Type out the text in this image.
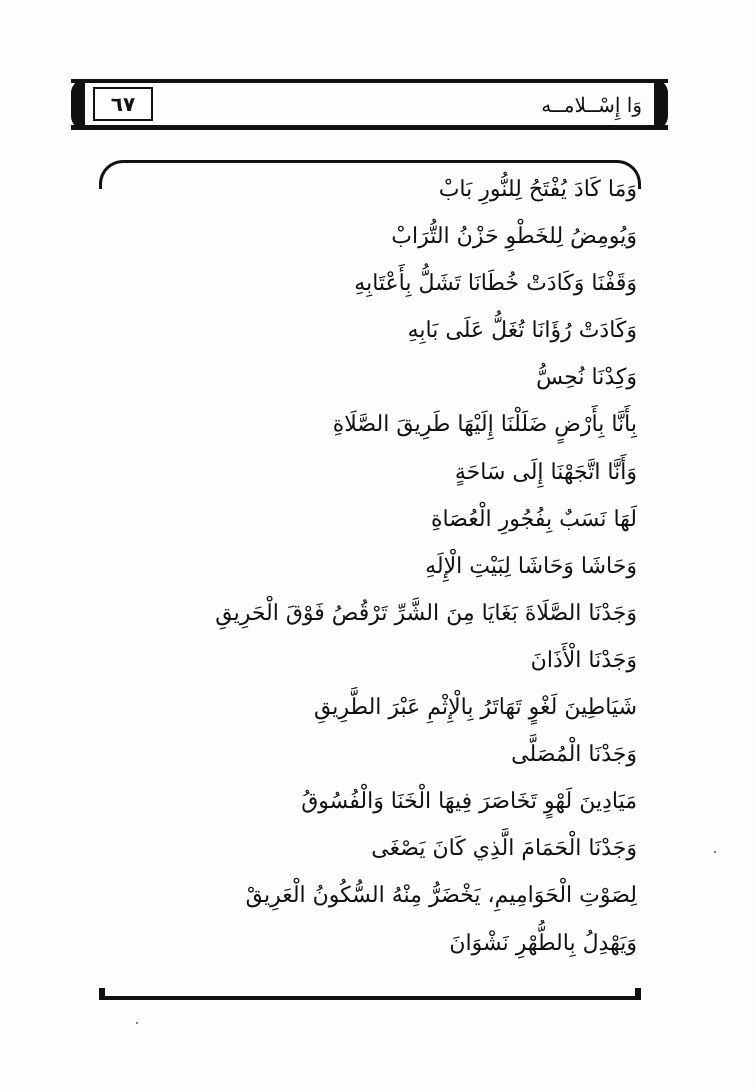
٦٧	وَا إِسْــلامــه
وَمَا كَادَ يُفْتَحُ لِلنُّورِ بَابْ
وَيُومِضُ لِلخَطْوِ حَزْنُ التُّرَابْ
وَقَفْنَا وَكَادَتْ خُطَانَا تَشَلُّ بِأَعْتَابِهِ
وَكَادَتْ رُؤَانَا تُغَلُّ عَلَى بَابِهِ
وَكِدْنَا نُحِسُّ
بِأَنَّا بِأَرْضٍ ضَلَلْنَا إِلَيْهَا طَرِيقَ الصَّلَاةِ
وَأَنَّا اتَّجَهْنَا إِلَى سَاحَةٍ
لَهَا نَسَبٌ بِفُجُورِ الْعُصَاةِ
وَحَاشَا وَحَاشَا لِبَيْتِ الْإِلَهِ
وَجَدْنَا الصَّلَاةَ بَغَايَا مِنَ الشَّرِّ تَرْقُصُ فَوْقَ الْحَرِيقِ
وَجَدْنَا الْأَذَانَ
شَيَاطِينَ لَغْوٍ تَهَاتَرُ بِالْإِثْمِ عَبْرَ الطَّرِيقِ
وَجَدْنَا الْمُصَلَّى
مَيَادِينَ لَهْوٍ تَخَاصَرَ فِيهَا الْخَنَا وَالْفُسُوقُ
وَجَدْنَا الْحَمَامَ الَّذِي كَانَ يَصْغَى
لِصَوْتِ الْحَوَامِيمِ، يَخْضَرُّ مِنْهُ السُّكُونُ الْعَرِيقْ
وَيَهْدِلُ بِالطُّهْرِ نَشْوَانَ
